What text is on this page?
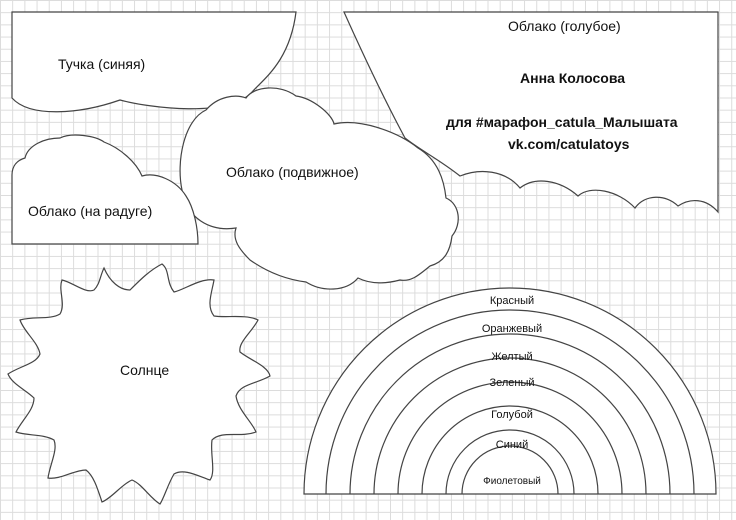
Тучка (синяя)
Облако (голубое)
Анна Колосова
для #марафон_catula_Малышата
vk.com/catulatoys
Облако (подвижное)
Облако (на радуге)
Солнце
Красный
Оранжевый
Желтый
Зеленый
Голубой
Синий
Фиолетовый
